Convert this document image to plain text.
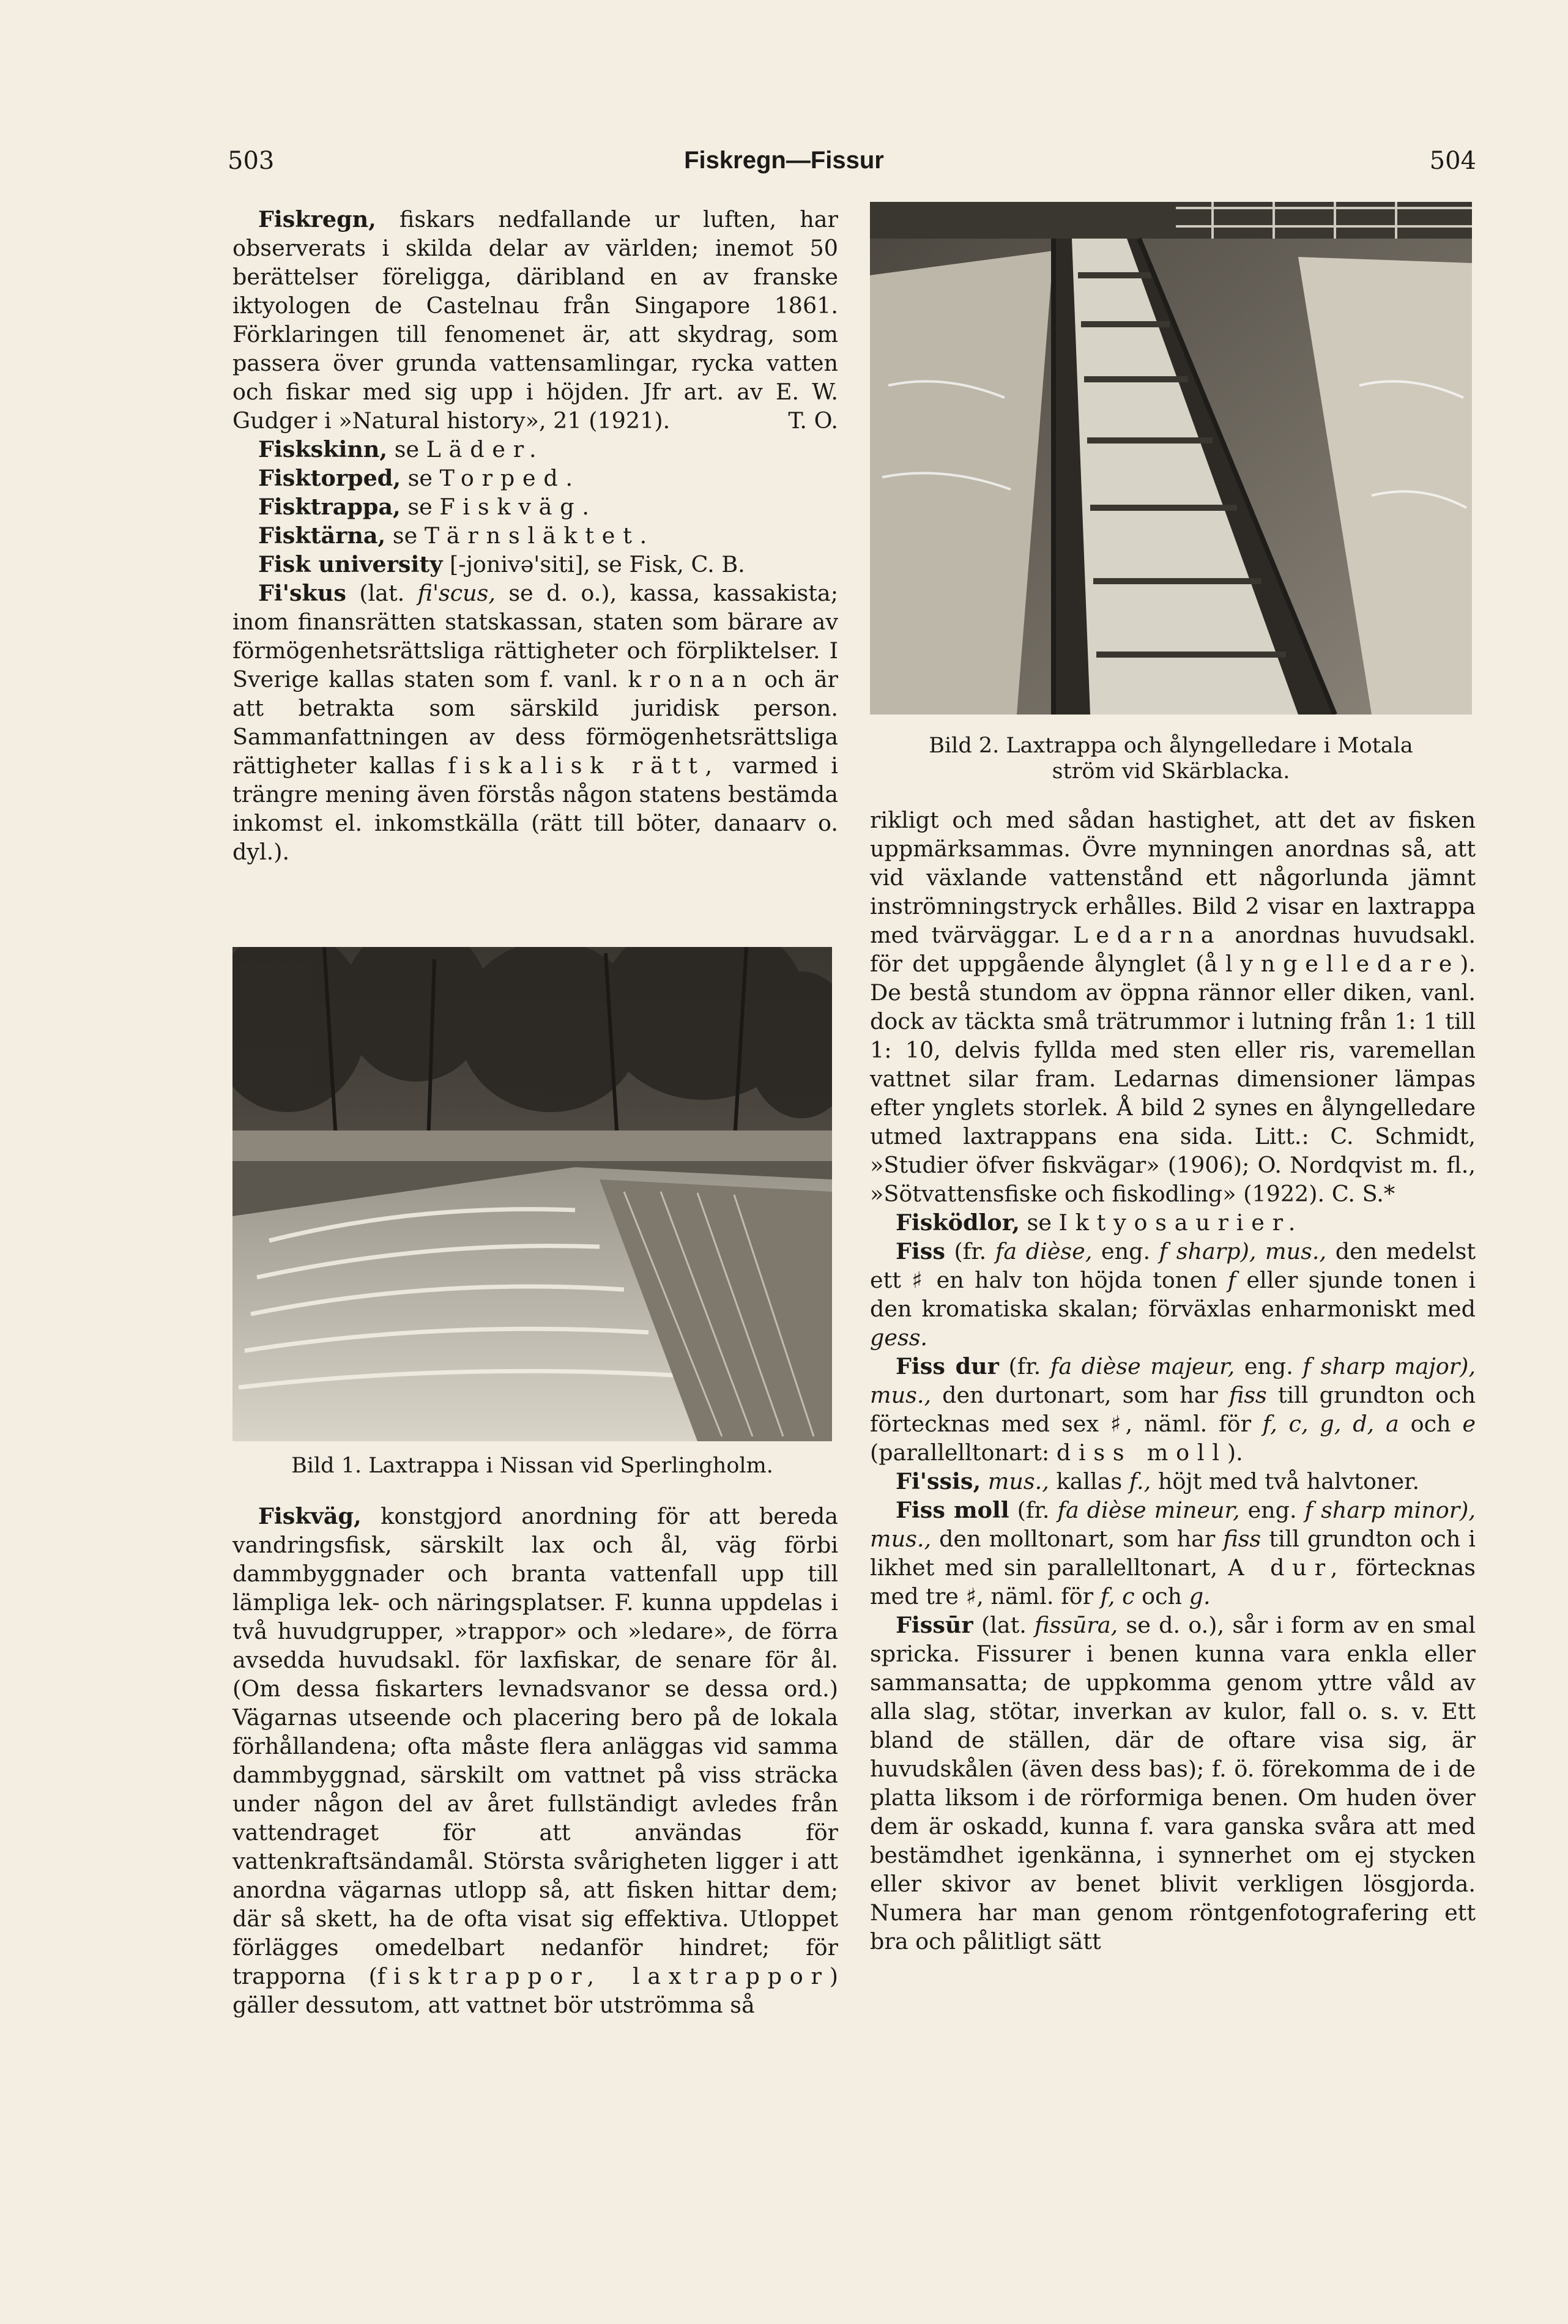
503	Fiskregn—Fissur	504

Fiskregn, fiskars nedfallande ur luften, har observerats i skilda delar av världen; inemot 50 berättelser föreligga, däribland en av franske iktyologen de Castelnau från Singapore 1861. Förklaringen till fenomenet är, att skydrag, som passera över grunda vattensamlingar, rycka vatten och fiskar med sig upp i höjden. Jfr art. av E. W. Gudger i »Natural history», 21 (1921).	T. O.

Fiskskinn, se Läder.

Fisktorped, se Torped.

Fisktrappa, se Fiskväg.

Fisktärna, se Tärnsläktet.

Fisk university [-jonivə'siti], se Fisk, C. B.

Fi'skus (lat. fi'scus, se d. o.), kassa, kassakista; inom finansrätten statskassan, staten som bärare av förmögenhetsrättsliga rättigheter och förpliktelser. I Sverige kallas staten som f. vanl. kronan och är att betrakta som särskild juridisk person. Sammanfattningen av dess förmögenhetsrättsliga rättigheter kallas fiskalisk rätt, varmed i trängre mening även förstås någon statens bestämda inkomst el. inkomstkälla (rätt till böter, danaarv o. dyl.).

Bild 1. Laxtrappa i Nissan vid Sperlingholm.

Fiskväg, konstgjord anordning för att bereda vandringsfisk, särskilt lax och ål, väg förbi dammbyggnader och branta vattenfall upp till lämpliga lek- och näringsplatser. F. kunna uppdelas i två huvudgrupper, »trappor» och »ledare», de förra avsedda huvudsakl. för laxfiskar, de senare för ål. (Om dessa fiskarters levnadsvanor se dessa ord.) Vägarnas utseende och placering bero på de lokala förhållandena; ofta måste flera anläggas vid samma dammbyggnad, särskilt om vattnet på viss sträcka under någon del av året fullständigt avledes från vattendraget för att användas för vattenkraftsändamål. Största svårigheten ligger i att anordna vägarnas utlopp så, att fisken hittar dem; där så skett, ha de ofta visat sig effektiva. Utloppet förlägges omedelbart nedanför hindret; för trapporna (fisktrappor, laxtrappor) gäller dessutom, att vattnet bör utströmma så

Bild 2. Laxtrappa och ålyngelledare i Motala
ström vid Skärblacka.

rikligt och med sådan hastighet, att det av fisken uppmärksammas. Övre mynningen anordnas så, att vid växlande vattenstånd ett någorlunda jämnt inströmningstryck erhålles. Bild 2 visar en laxtrappa med tvärväggar. Ledarna anordnas huvudsakl. för det uppgående ålynglet (ålyngelledare). De bestå stundom av öppna rännor eller diken, vanl. dock av täckta små trätrummor i lutning från 1: 1 till 1: 10, delvis fyllda med sten eller ris, varemellan vattnet silar fram. Ledarnas dimensioner lämpas efter ynglets storlek. Å bild 2 synes en ålyngelledare utmed laxtrappans ena sida. Litt.: C. Schmidt, »Studier öfver fiskvägar» (1906); O. Nordqvist m. fl., »Sötvattensfiske och fiskodling» (1922). C. S.*

Fisködlor, se Iktyosaurier.

Fiss (fr. fa dièse, eng. f sharp), mus., den medelst ett ♯ en halv ton höjda tonen f eller sjunde tonen i den kromatiska skalan; förväxlas enharmoniskt med gess.

Fiss dur (fr. fa dièse majeur, eng. f sharp major), mus., den durtonart, som har fiss till grundton och förtecknas med sex ♯, näml. för f, c, g, d, a och e (parallelltonart: diss moll).

Fi'ssis, mus., kallas f., höjt med två halvtoner.

Fiss moll (fr. fa dièse mineur, eng. f sharp minor), mus., den molltonart, som har fiss till grundton och i likhet med sin parallelltonart, A dur, förtecknas med tre ♯, näml. för f, c och g.

Fissūr (lat. fissūra, se d. o.), sår i form av en smal spricka. Fissurer i benen kunna vara enkla eller sammansatta; de uppkomma genom yttre våld av alla slag, stötar, inverkan av kulor, fall o. s. v. Ett bland de ställen, där de oftare visa sig, är huvudskålen (även dess bas); f. ö. förekomma de i de platta liksom i de rörformiga benen. Om huden över dem är oskadd, kunna f. vara ganska svåra att med bestämdhet igenkänna, i synnerhet om ej stycken eller skivor av benet blivit verkligen lösgjorda. Numera har man genom röntgenfotografering ett bra och pålitligt sätt
